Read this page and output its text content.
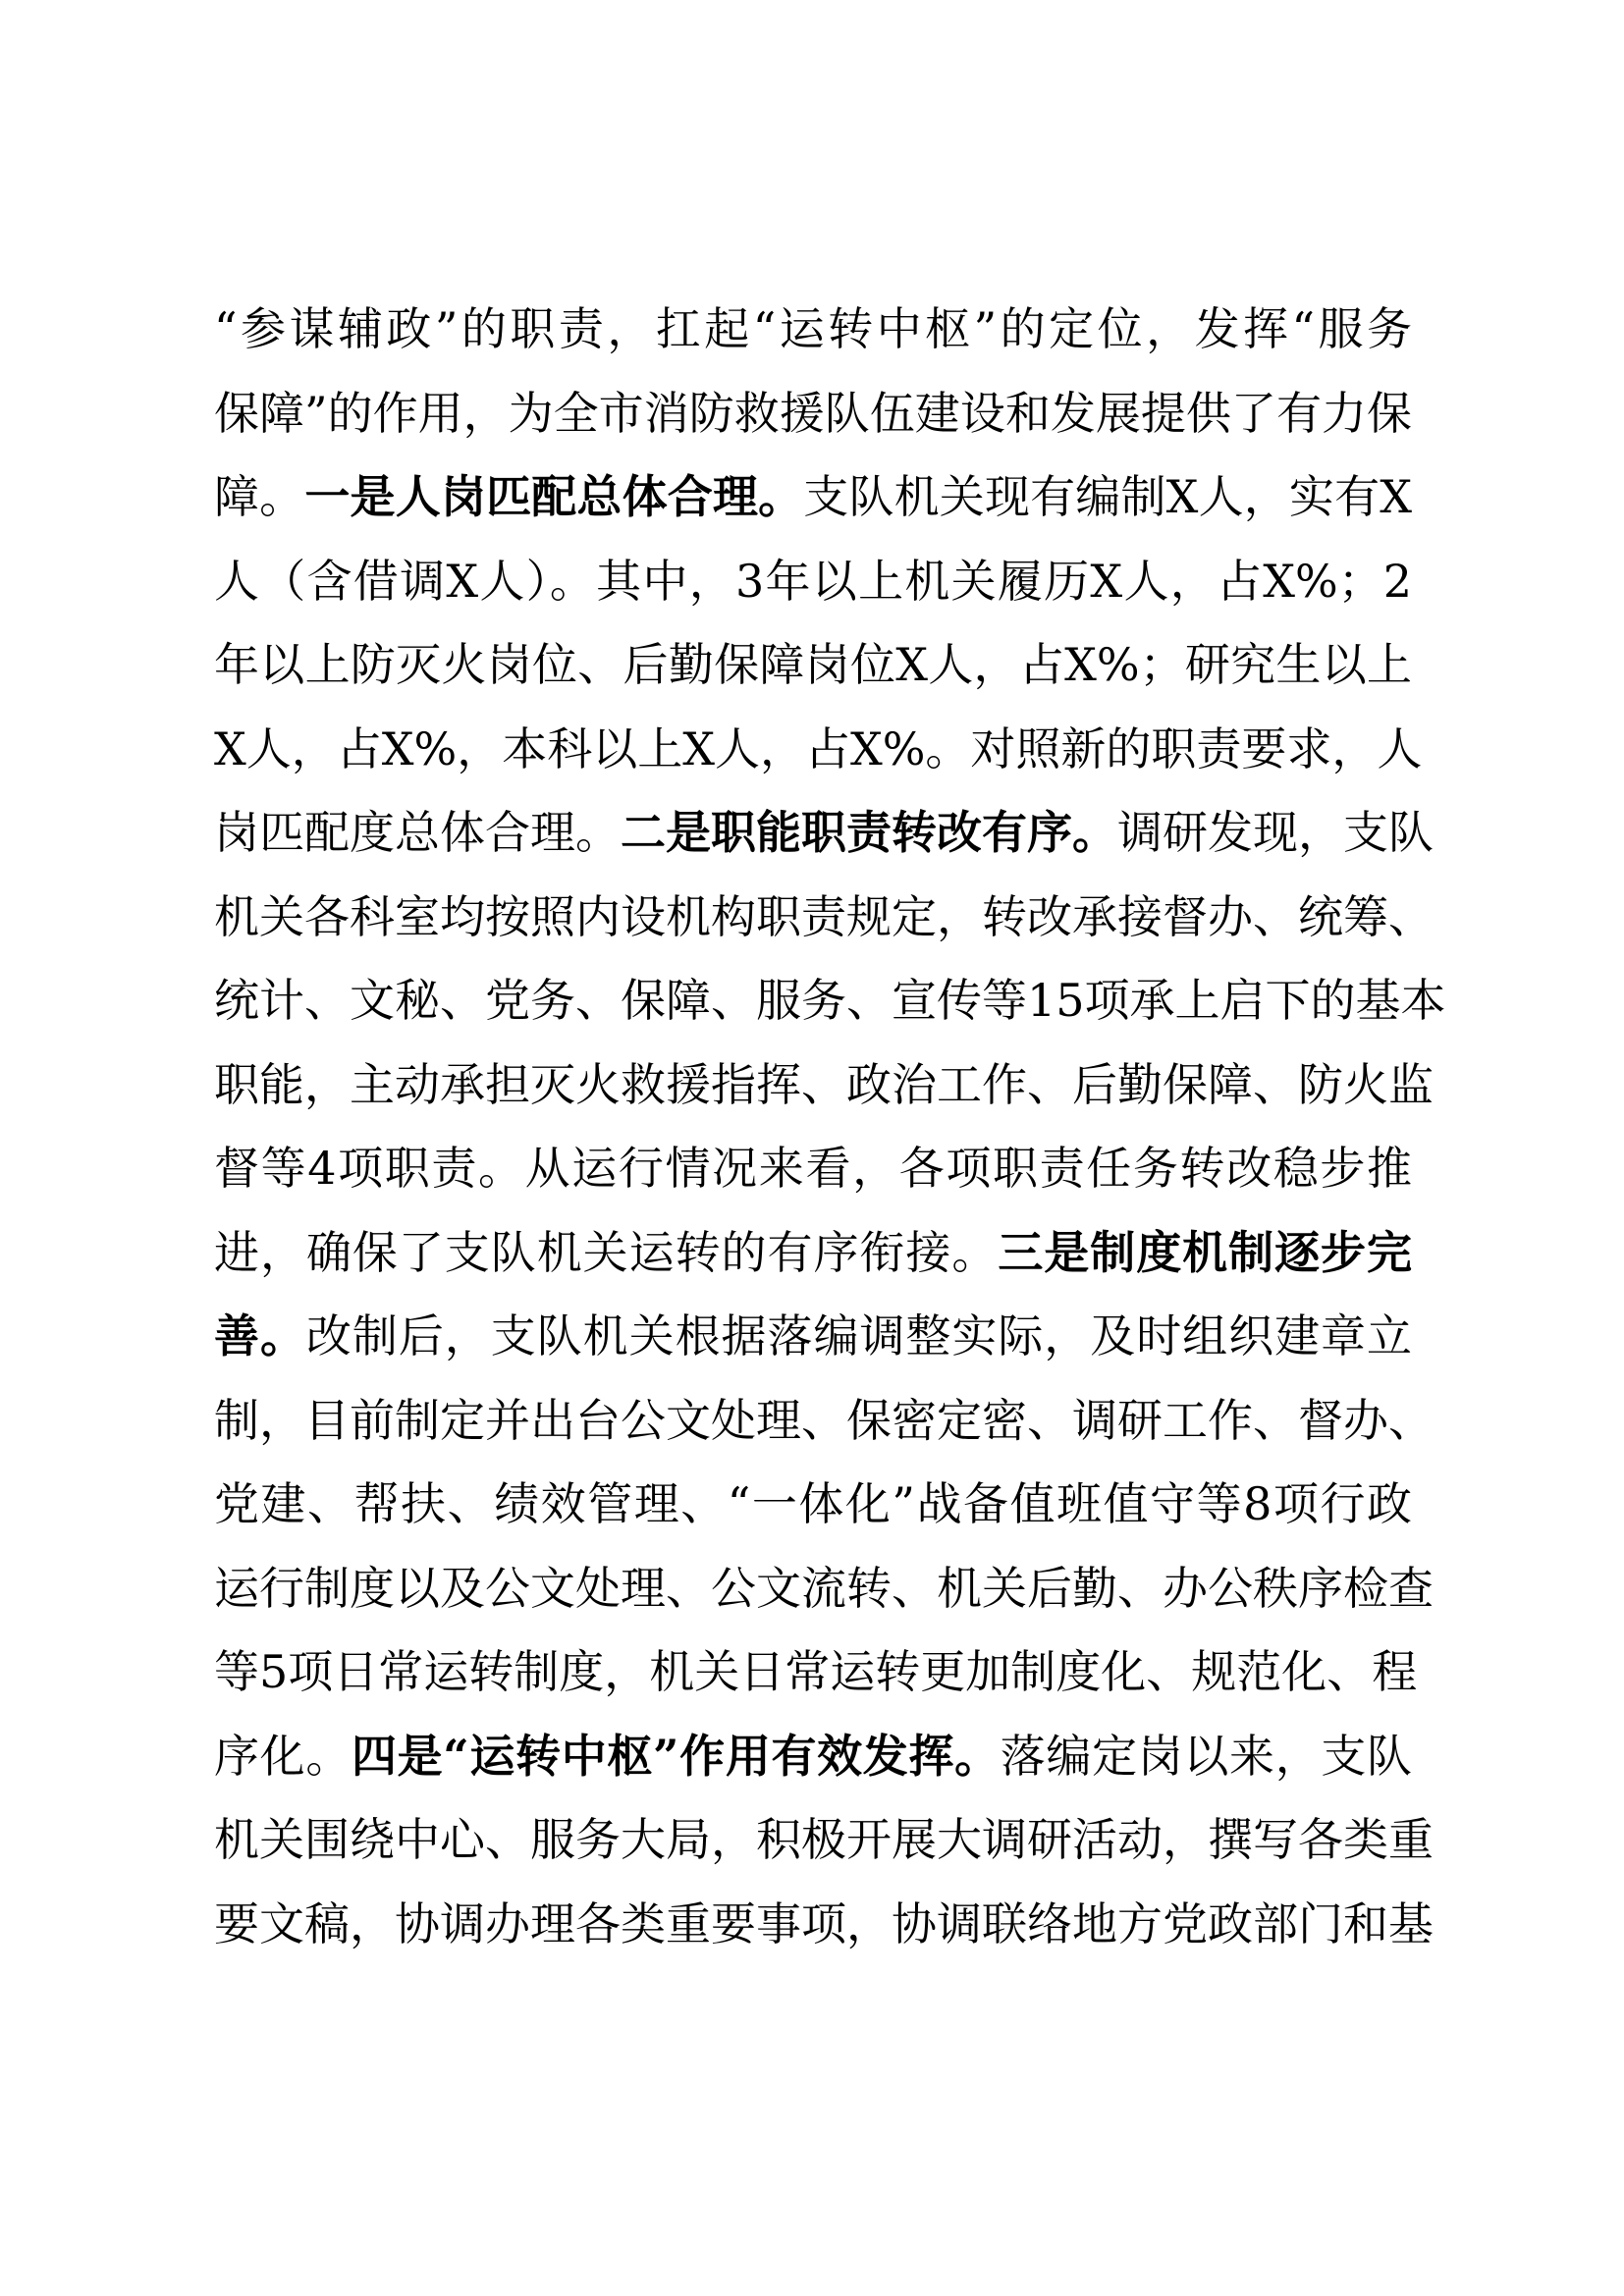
“参谋辅政”的职责，扛起“运转中枢”的定位，发挥“服务
保障”的作用，为全市消防救援队伍建设和发展提供了有力保
障。一是人岗匹配总体合理。支队机关现有编制X人，实有X
人（含借调X人）。其中，3年以上机关履历X人，占X%；2
年以上防灭火岗位、后勤保障岗位X人，占X%；研究生以上
X人，占X%，本科以上X人，占X%。对照新的职责要求，人
岗匹配度总体合理。二是职能职责转改有序。调研发现，支队
机关各科室均按照内设机构职责规定，转改承接督办、统筹、
统计、文秘、党务、保障、服务、宣传等15项承上启下的基本
职能，主动承担灭火救援指挥、政治工作、后勤保障、防火监
督等4项职责。从运行情况来看，各项职责任务转改稳步推
进，确保了支队机关运转的有序衔接。三是制度机制逐步完
善。改制后，支队机关根据落编调整实际，及时组织建章立
制，目前制定并出台公文处理、保密定密、调研工作、督办、
党建、帮扶、绩效管理、“一体化”战备值班值守等8项行政
运行制度以及公文处理、公文流转、机关后勤、办公秩序检查
等5项日常运转制度，机关日常运转更加制度化、规范化、程
序化。四是“运转中枢”作用有效发挥。落编定岗以来，支队
机关围绕中心、服务大局，积极开展大调研活动，撰写各类重
要文稿，协调办理各类重要事项，协调联络地方党政部门和基
